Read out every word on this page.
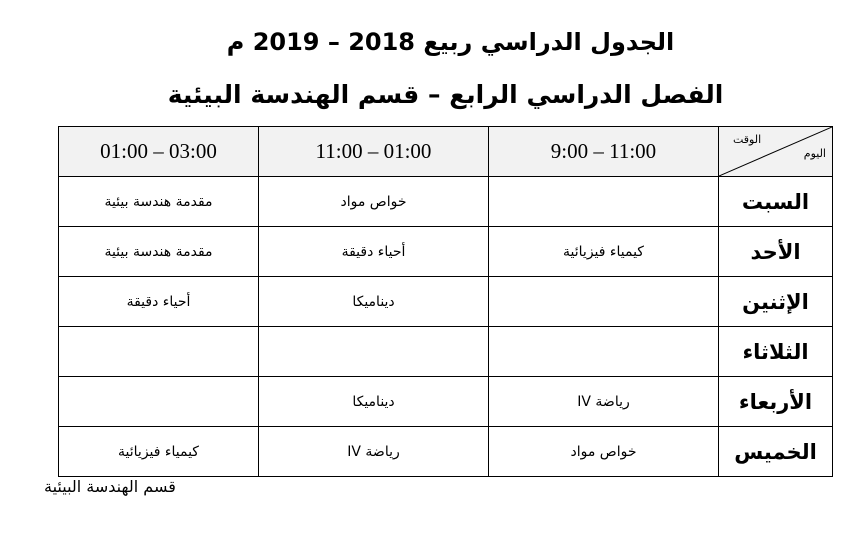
الجدول الدراسي ربيع 2018 – 2019 م
الفصل الدراسي الرابع – قسم الهندسة البيئية
الوقت
اليوم	9:00 – 11:00	11:00 – 01:00	01:00 – 03:00
السبت		خواص مواد	مقدمة هندسة بيئية
الأحد	كيمياء فيزيائية	أحياء دقيقة	مقدمة هندسة بيئية
الإثنين		ديناميكا	أحياء دقيقة
الثلاثاء			
الأربعاء	رياضة IV	ديناميكا	
الخميس	خواص مواد	رياضة IV	كيمياء فيزيائية
قسم الهندسة البيئية
